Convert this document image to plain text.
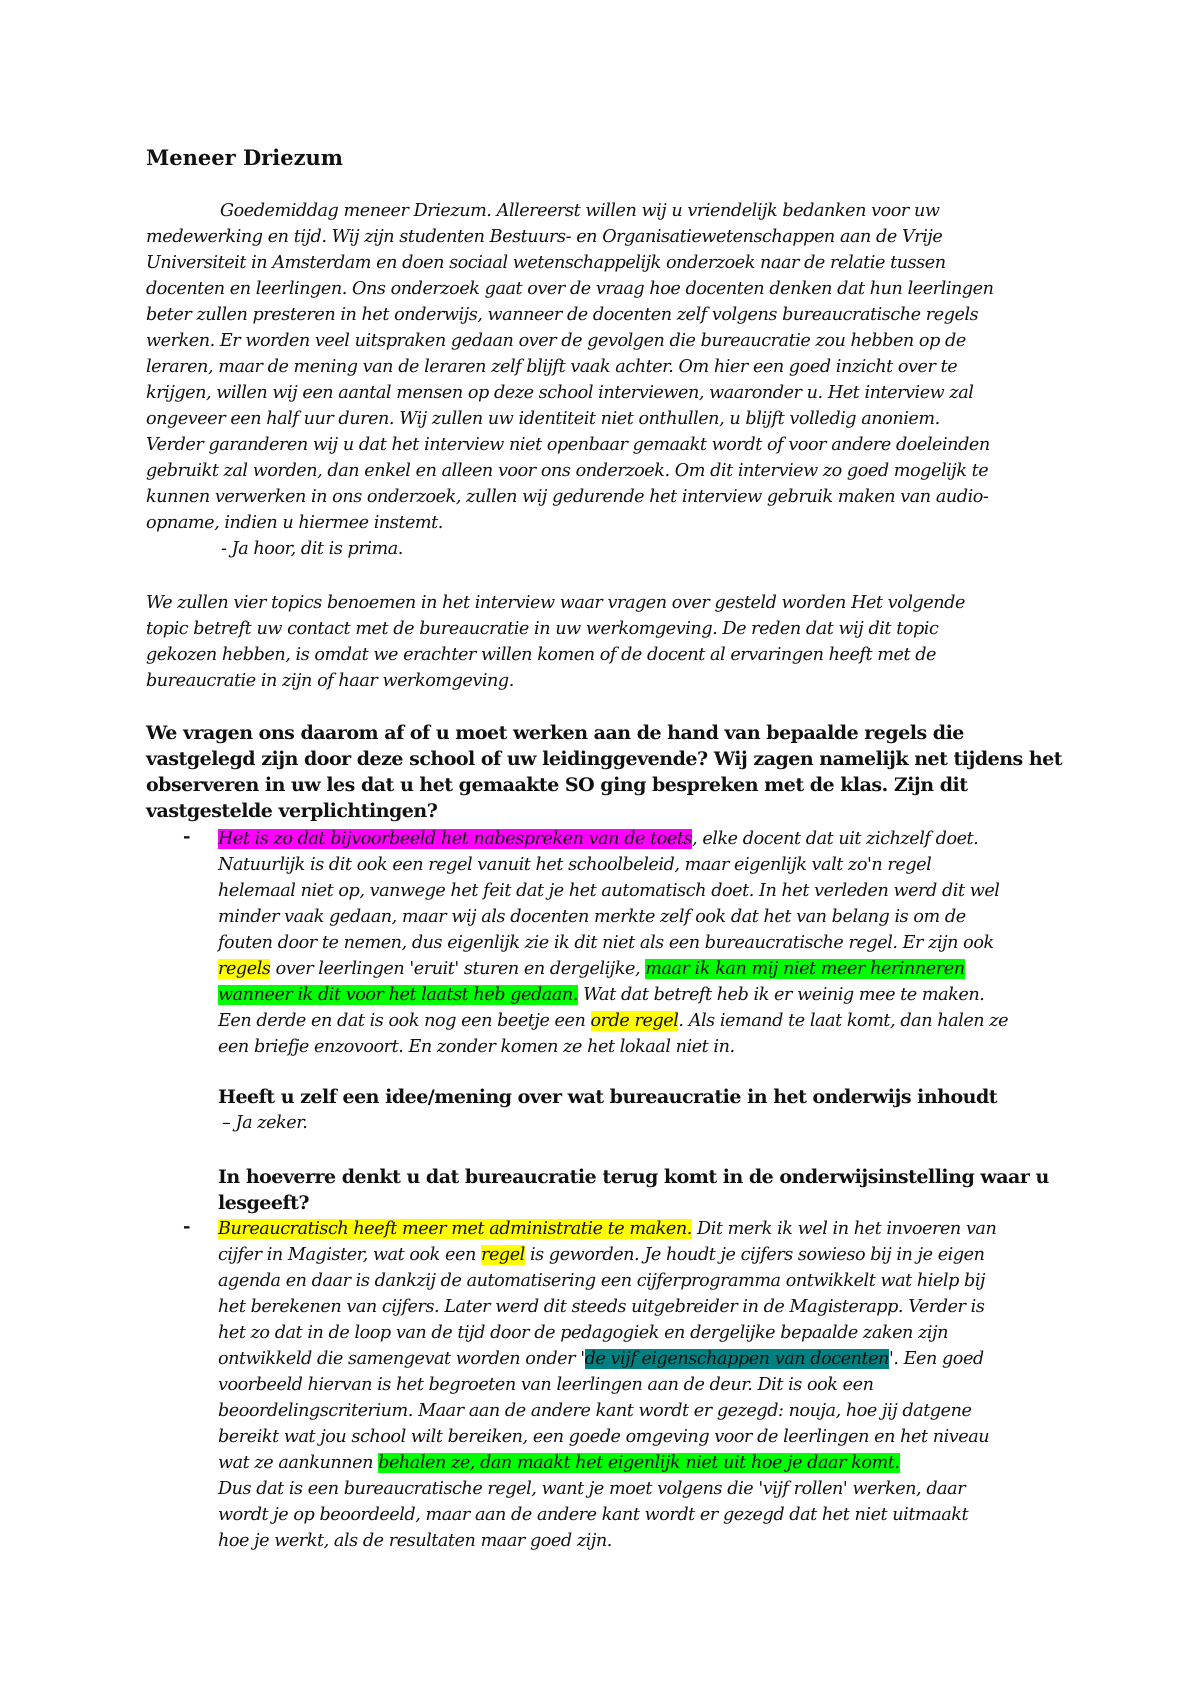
Meneer Driezum
Goedemiddag meneer Driezum. Allereerst willen wij u vriendelijk bedanken voor uw
medewerking en tijd. Wij zijn studenten Bestuurs- en Organisatiewetenschappen aan de Vrije
Universiteit in Amsterdam en doen sociaal wetenschappelijk onderzoek naar de relatie tussen
docenten en leerlingen. Ons onderzoek gaat over de vraag hoe docenten denken dat hun leerlingen
beter zullen presteren in het onderwijs, wanneer de docenten zelf volgens bureaucratische regels
werken. Er worden veel uitspraken gedaan over de gevolgen die bureaucratie zou hebben op de
leraren, maar de mening van de leraren zelf blijft vaak achter. Om hier een goed inzicht over te
krijgen, willen wij een aantal mensen op deze school interviewen, waaronder u. Het interview zal
ongeveer een half uur duren. Wij zullen uw identiteit niet onthullen, u blijft volledig anoniem.
Verder garanderen wij u dat het interview niet openbaar gemaakt wordt of voor andere doeleinden
gebruikt zal worden, dan enkel en alleen voor ons onderzoek. Om dit interview zo goed mogelijk te
kunnen verwerken in ons onderzoek, zullen wij gedurende het interview gebruik maken van audio-
opname, indien u hiermee instemt.
- Ja hoor, dit is prima.
We zullen vier topics benoemen in het interview waar vragen over gesteld worden Het volgende
topic betreft uw contact met de bureaucratie in uw werkomgeving. De reden dat wij dit topic
gekozen hebben, is omdat we erachter willen komen of de docent al ervaringen heeft met de
bureaucratie in zijn of haar werkomgeving.
We vragen ons daarom af of u moet werken aan de hand van bepaalde regels die
vastgelegd zijn door deze school of uw leidinggevende? Wij zagen namelijk net tijdens het
observeren in uw les dat u het gemaakte SO ging bespreken met de klas. Zijn dit
vastgestelde verplichtingen?
- Het is zo dat bijvoorbeeld het nabespreken van de toets, elke docent dat uit zichzelf doet.
Natuurlijk is dit ook een regel vanuit het schoolbeleid, maar eigenlijk valt zo'n regel
helemaal niet op, vanwege het feit dat je het automatisch doet. In het verleden werd dit wel
minder vaak gedaan, maar wij als docenten merkte zelf ook dat het van belang is om de
fouten door te nemen, dus eigenlijk zie ik dit niet als een bureaucratische regel. Er zijn ook
regels over leerlingen 'eruit' sturen en dergelijke, maar ik kan mij niet meer herinneren
wanneer ik dit voor het laatst heb gedaan. Wat dat betreft heb ik er weinig mee te maken.
Een derde en dat is ook nog een beetje een orde regel. Als iemand te laat komt, dan halen ze
een briefje enzovoort. En zonder komen ze het lokaal niet in.
Heeft u zelf een idee/mening over wat bureaucratie in het onderwijs inhoudt
– Ja zeker.
In hoeverre denkt u dat bureaucratie terug komt in de onderwijsinstelling waar u
lesgeeft?
- Bureaucratisch heeft meer met administratie te maken. Dit merk ik wel in het invoeren van
cijfer in Magister, wat ook een regel is geworden. Je houdt je cijfers sowieso bij in je eigen
agenda en daar is dankzij de automatisering een cijferprogramma ontwikkelt wat hielp bij
het berekenen van cijfers. Later werd dit steeds uitgebreider in de Magisterapp. Verder is
het zo dat in de loop van de tijd door de pedagogiek en dergelijke bepaalde zaken zijn
ontwikkeld die samengevat worden onder 'de vijf eigenschappen van docenten'. Een goed
voorbeeld hiervan is het begroeten van leerlingen aan de deur. Dit is ook een
beoordelingscriterium. Maar aan de andere kant wordt er gezegd: nouja, hoe jij datgene
bereikt wat jou school wilt bereiken, een goede omgeving voor de leerlingen en het niveau
wat ze aankunnen behalen ze, dan maakt het eigenlijk niet uit hoe je daar komt.
Dus dat is een bureaucratische regel, want je moet volgens die 'vijf rollen' werken, daar
wordt je op beoordeeld, maar aan de andere kant wordt er gezegd dat het niet uitmaakt
hoe je werkt, als de resultaten maar goed zijn.
